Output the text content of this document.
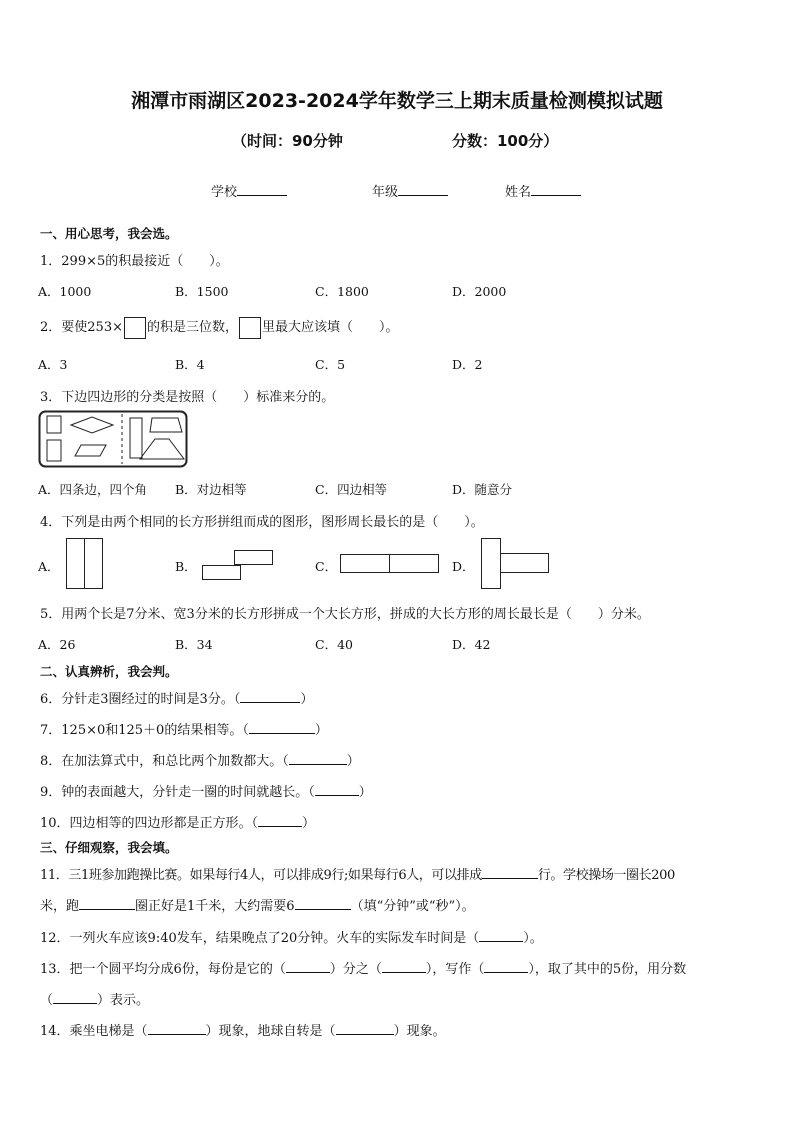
湘潭市雨湖区2023-2024学年数学三上期末质量检测模拟试题
（时间：90分钟	分数：100分）
学校	年级	姓名
一、用心思考，我会选。
1．299×5的积最接近（　　）。
A．1000	B．1500	C．1800	D．2000
2．要使253× 的积是三位数， 里最大应该填（　　）。
A．3	B．4	C．5	D．2
3．下边四边形的分类是按照（　　）标准来分的。
A．四条边，四个角 B．对边相等	C．四边相等	D．随意分
4．下列是由两个相同的长方形拼组而成的图形，图形周长最长的是（　　）。
A．	B．	C．	D．
5．用两个长是7分米、宽3分米的长方形拼成一个大长方形，拼成的大长方形的周长最长是（　　）分米。
A．26	B．34	C．40	D．42
二、认真辨析，我会判。
6．分针走3圈经过的时间是3分。（	）
7．125×0和125＋0的结果相等。（	）
8．在加法算式中，和总比两个加数都大。（	）
9．钟的表面越大，分针走一圈的时间就越长。（	）
10．四边相等的四边形都是正方形。（	）
三、仔细观察，我会填。
11．三1班参加跑操比赛。如果每行4人，可以排成9行;如果每行6人，可以排成	行。学校操场一圈长200
米，跑	圈正好是1千米，大约需要6	（填“分钟”或“秒”）。
12．一列火车应该9:40发车，结果晚点了20分钟。火车的实际发车时间是（	）。
13．把一个圆平均分成6份，每份是它的（	）分之（	），写作（	），取了其中的5份，用分数
（	）表示。
14．乘坐电梯是（	）现象，地球自转是（	）现象。
